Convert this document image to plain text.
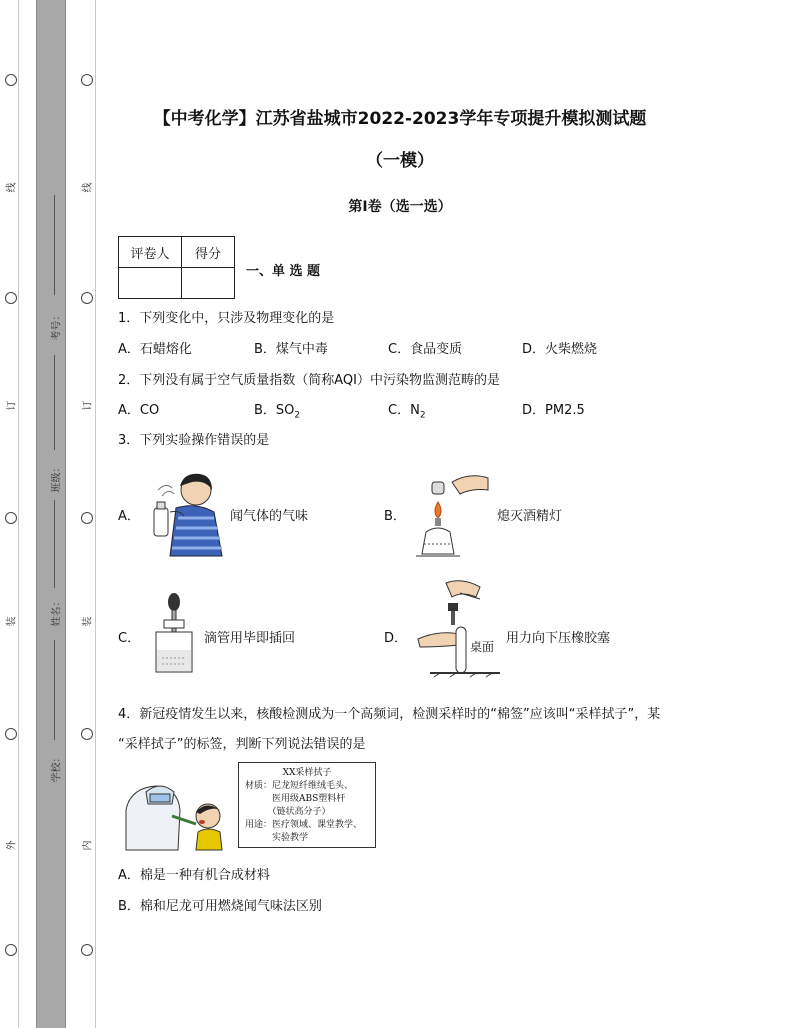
线
订
装
外
线
订
装
内
考号：
班级：
姓名：
学校：
【中考化学】江苏省盐城市2022-2023学年专项提升模拟测试题
（一模）
第I卷（选一选）
评卷人	得分

一、单 选 题
1．下列变化中，只涉及物理变化的是
A．石蜡熔化	B．煤气中毒	C．食品变质	D．火柴燃烧
2．下列没有属于空气质量指数（简称AQI）中污染物监测范畴的是
A．CO	B．$SO_2$	C．$N_2$	D．PM2.5
3．下列实验操作错误的是
A．	闻气体的气味	B．	熄灭酒精灯
C．	滴管用毕即插回	D．
桌面
用力向下压橡胶塞
4．新冠疫情发生以来，核酸检测成为一个高频词，检测采样时的“棉签”应该叫“采样拭子”，某
“采样拭子”的标签，判断下列说法错误的是
XX采样拭子
材质：尼龙短纤维绒毛头、
　　　医用级ABS塑料杆
　　　（链状高分子）
用途：医疗领域、课堂教学、
　　　实验教学
A．棉是一种有机合成材料
B．棉和尼龙可用燃烧闻气味法区别
